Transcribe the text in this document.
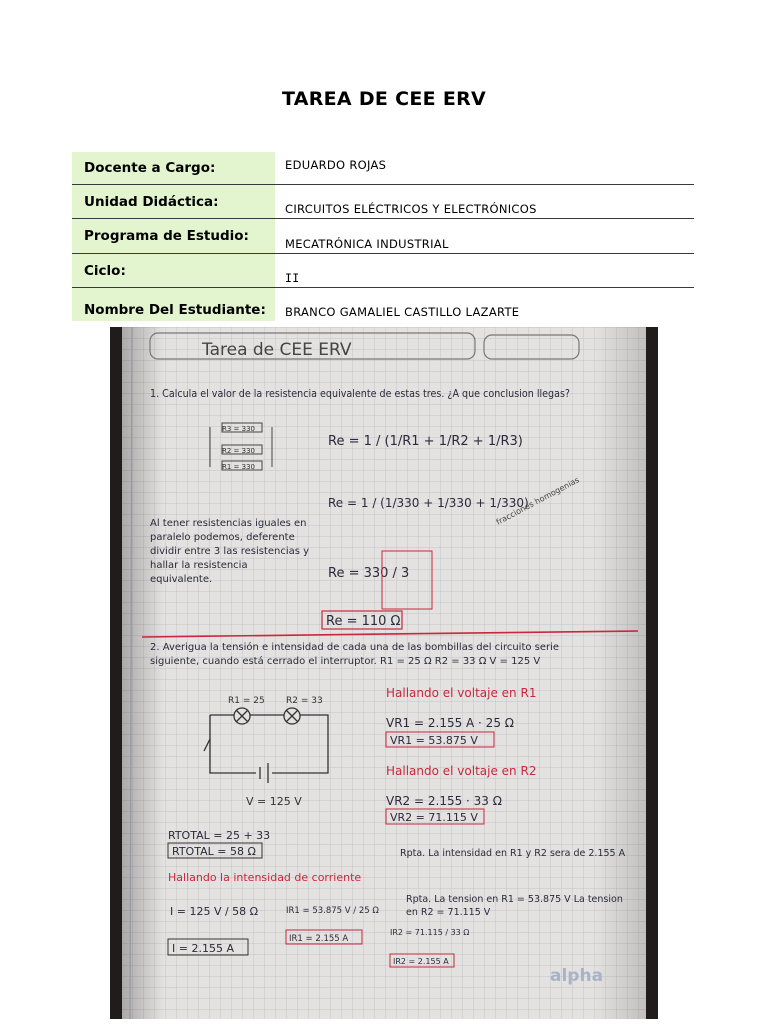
TAREA DE CEE ERV
Docente a Cargo:	EDUARDO ROJAS
Unidad Didáctica:	CIRCUITOS ELÉCTRICOS Y ELECTRÓNICOS
Programa de Estudio:	MECATRÓNICA INDUSTRIAL
Ciclo:	II
Nombre Del Estudiante:	BRANCO GAMALIEL CASTILLO LAZARTE
Tarea de CEE ERV
1. Calcula el valor de la resistencia equivalente de estas tres. ¿A que conclusion llegas?
R3 = 330
R2 = 330
R1 = 330
Re = 1 / (1/R1 + 1/R2 + 1/R3)
Re = 1 / (1/330 + 1/330 + 1/330)
fracciones homogenias
Al tener resistencias iguales en paralelo podemos, deferente dividir entre 3 las resistencias y hallar la resistencia equivalente.	Re = 330 / 3
Re = 110 Ω
2. Averigua la tensión e intensidad de cada una de las bombillas del circuito serie siguiente, cuando está cerrado el interruptor. R1 = 25 Ω R2 = 33 Ω V = 125 V
R1 = 25 R2 = 33
V = 125 V
RTOTAL = 25 + 33
RTOTAL = 58 Ω
Hallando la intensidad de corriente
I = 125 V / 58 Ω
I = 2.155 A
Hallando el voltaje en R1
VR1 = 2.155 A · 25 Ω
VR1 = 53.875 V
Hallando el voltaje en R2
VR2 = 2.155 · 33 Ω
VR2 = 71.115 V
Rpta. La intensidad en R1 y R2 sera de 2.155 A
Rpta. La tension en R1 = 53.875 V La tension en R2 = 71.115 V
IR1 = 53.875 V / 25 Ω
IR1 = 2.155 A
IR2 = 71.115 / 33 Ω
IR2 = 2.155 A
alpha
